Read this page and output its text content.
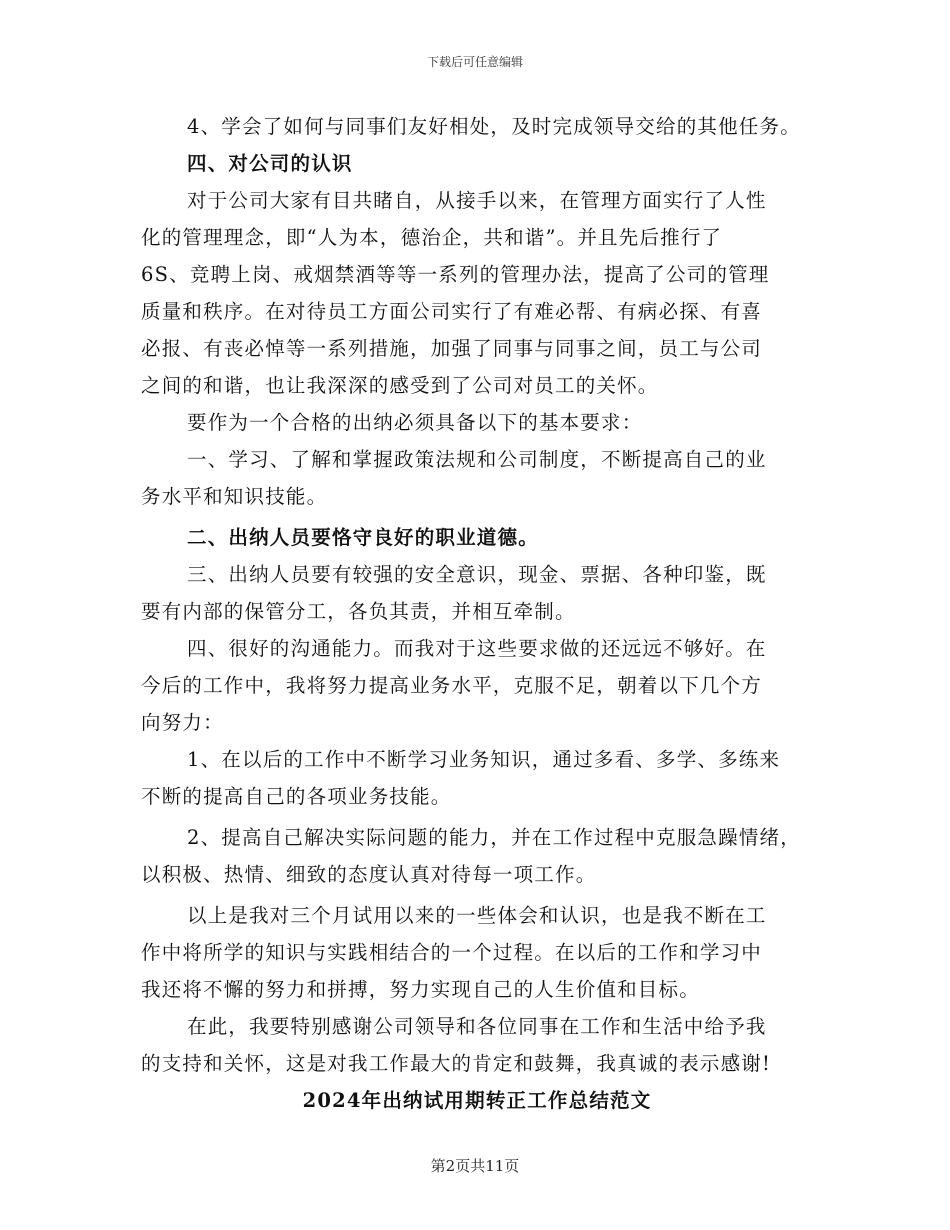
下载后可任意编辑
4、学会了如何与同事们友好相处，及时完成领导交给的其他任务。
四、对公司的认识
对于公司大家有目共睹自，从接手以来，在管理方面实行了人性
化的管理理念，即“人为本，德治企，共和谐”。并且先后推行了
6S、竞聘上岗、戒烟禁酒等等一系列的管理办法，提高了公司的管理
质量和秩序。在对待员工方面公司实行了有难必帮、有病必探、有喜
必报、有丧必悼等一系列措施，加强了同事与同事之间，员工与公司
之间的和谐，也让我深深的感受到了公司对员工的关怀。
要作为一个合格的出纳必须具备以下的基本要求：
一、学习、了解和掌握政策法规和公司制度，不断提高自己的业
务水平和知识技能。
二、出纳人员要恪守良好的职业道德。
三、出纳人员要有较强的安全意识，现金、票据、各种印鉴，既
要有内部的保管分工，各负其责，并相互牵制。
四、很好的沟通能力。而我对于这些要求做的还远远不够好。在
今后的工作中，我将努力提高业务水平，克服不足，朝着以下几个方
向努力：
1、在以后的工作中不断学习业务知识，通过多看、多学、多练来
不断的提高自己的各项业务技能。
2、提高自己解决实际问题的能力，并在工作过程中克服急躁情绪，
以积极、热情、细致的态度认真对待每一项工作。
以上是我对三个月试用以来的一些体会和认识，也是我不断在工
作中将所学的知识与实践相结合的一个过程。在以后的工作和学习中
我还将不懈的努力和拼搏，努力实现自己的人生价值和目标。
在此，我要特别感谢公司领导和各位同事在工作和生活中给予我
的支持和关怀，这是对我工作最大的肯定和鼓舞，我真诚的表示感谢!
2024年出纳试用期转正工作总结范文
第2页共11页
